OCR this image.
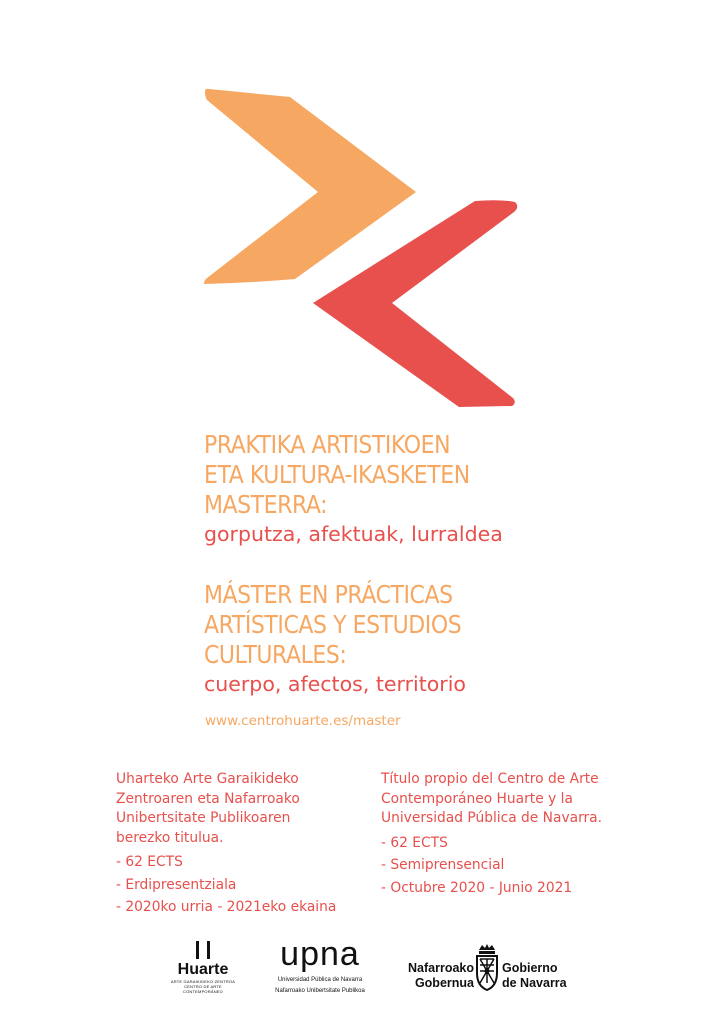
PRAKTIKA ARTISTIKOEN
ETA KULTURA-IKASKETEN
MASTERRA:
gorputza, afektuak, lurraldea
MÁSTER EN PRÁCTICAS
ARTÍSTICAS Y ESTUDIOS
CULTURALES:
cuerpo, afectos, territorio
www.centrohuarte.es/master

Uharteko Arte Garaikideko

Zentroaren eta Nafarroako

Unibertsitate Publikoaren

berezko titulua.

- 62 ECTS
- Erdipresentziala
- 2020ko urria - 2021eko ekaina

Título propio del Centro de Arte

Contemporáneo Huarte y la

Universidad Pública de Navarra.

- 62 ECTS
- Semiprensencial
- Octubre 2020 - Junio 2021
Huarte
ARTE GARAIKIDEKO ZENTROA
CENTRO DE ARTE CONTEMPORÁNEO
upna
Universidad Pública de Navarra
Nafarroako Unibertsitate Publikoa
Nafarroako
Gobernua
Gobierno
de Navarra
